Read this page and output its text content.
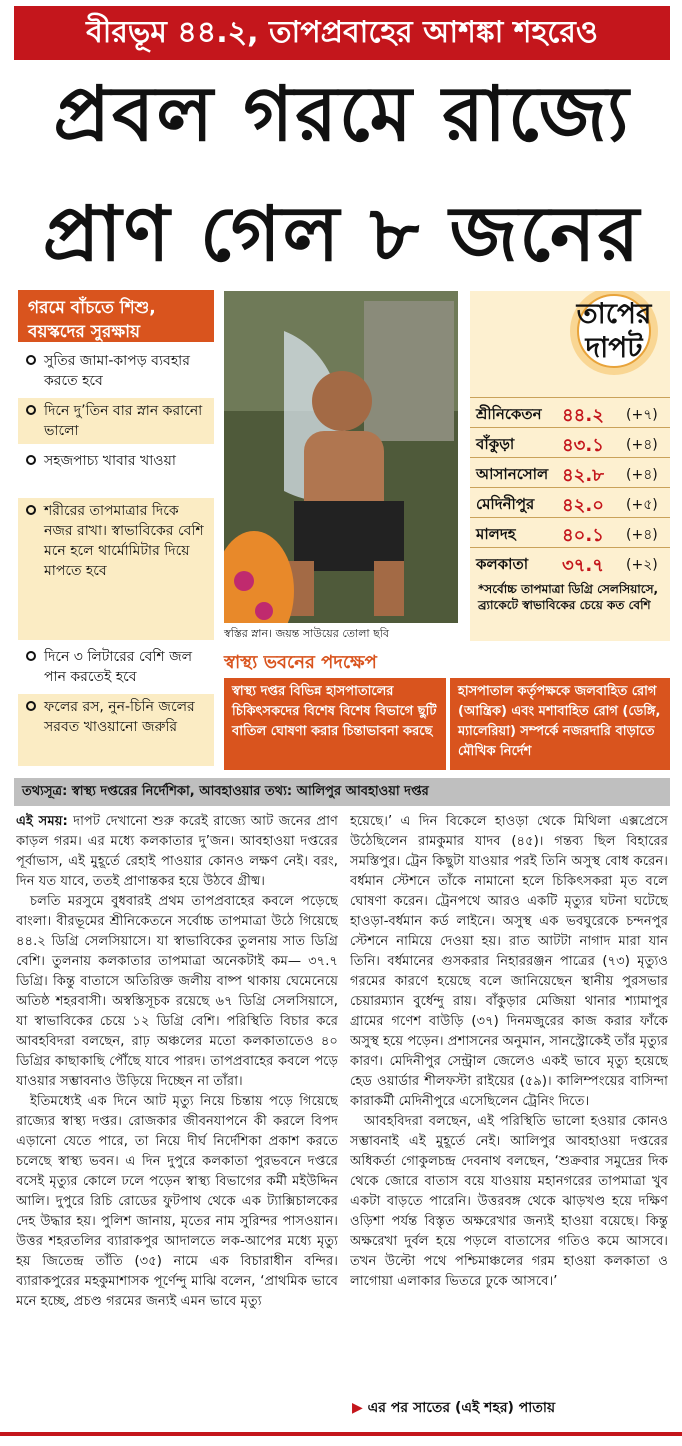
বীরভূম ৪৪.২, তাপপ্রবাহের আশঙ্কা শহরেও
প্রবল গরমে রাজ্যে
প্রাণ গেল ৮ জনের
গরমে বাঁচতে শিশু, বয়স্কদের সুরক্ষায়
সুতির জামা-কাপড় ব্যবহার করতে হবে
দিনে দু’তিন বার স্নান করানো ভালো
সহজপাচ্য খাবার খাওয়া
শরীরের তাপমাত্রার দিকে নজর রাখা। স্বাভাবিকের বেশি মনে হলে থার্মোমিটার দিয়ে মাপতে হবে
দিনে ৩ লিটারের বেশি জল পান করতেই হবে
ফলের রস, নুন-চিনি জলের সরবত খাওয়ানো জরুরি
স্বস্তির স্নান। জয়ন্ত সাউয়ের তোলা ছবি
তাপের দাপট
শ্রীনিকেতন ৪৪.২ (+৭)
বাঁকুড়া	৪৩.১ (+৪)
আসানসোল ৪২.৮ (+৪)
মেদিনীপুর ৪২.০ (+৫)
মালদহ	৪০.১ (+৪)
কলকাতা ৩৭.৭ (+২)
*সর্বোচ্চ তাপমাত্রা ডিগ্রি সেলসিয়াসে, ব্র্যাকেটে স্বাভাবিকের চেয়ে কত বেশি
স্বাস্থ্য ভবনের পদক্ষেপ
স্বাস্থ্য দপ্তর বিভিন্ন হাসপাতালের চিকিৎসকদের বিশেষ বিশেষ বিভাগে ছুটি বাতিল ঘোষণা করার চিন্তাভাবনা করছে
হাসপাতাল কর্তৃপক্ষকে জলবাহিত রোগ (আন্ত্রিক) এবং মশাবাহিত রোগ (ডেঙ্গি, ম্যালেরিয়া) সম্পর্কে নজরদারি বাড়াতে মৌখিক নির্দেশ
তথ্যসূত্র: স্বাস্থ্য দপ্তরের নির্দেশিকা, আবহাওয়ার তথ্য: আলিপুর আবহাওয়া দপ্তর

এই সময়: দাপট দেখানো শুরু করেই রাজ্যে আট জনের প্রাণ কাড়ল গরম। এর মধ্যে কলকাতার দু’জন। আবহাওয়া দপ্তরের পূর্বাভাস, এই মুহূর্তে রেহাই পাওয়ার কোনও লক্ষণ নেই। বরং, দিন যত যাবে, ততই প্রাণান্তকর হয়ে উঠবে গ্রীষ্ম।

চলতি মরসুমে বুধবারই প্রথম তাপপ্রবাহের কবলে পড়েছে বাংলা। বীরভূমের শ্রীনিকেতনে সর্বোচ্চ তাপমাত্রা উঠে গিয়েছে ৪৪.২ ডিগ্রি সেলসিয়াসে। যা স্বাভাবিকের তুলনায় সাত ডিগ্রি বেশি। তুলনায় কলকাতার তাপমাত্রা অনেকটাই কম— ৩৭.৭ ডিগ্রি। কিন্তু বাতাসে অতিরিক্ত জলীয় বাষ্প থাকায় ঘেমেনেয়ে অতিষ্ঠ শহরবাসী। অস্বস্তিসূচক রয়েছে ৬৭ ডিগ্রি সেলসিয়াসে, যা স্বাভাবিকের চেয়ে ১২ ডিগ্রি বেশি। পরিস্থিতি বিচার করে আবহবিদরা বলছেন, রাঢ় অঞ্চলের মতো কলকাতাতেও ৪০ ডিগ্রির কাছাকাছি পৌঁছে যাবে পারদ। তাপপ্রবাহের কবলে পড়ে যাওয়ার সম্ভাবনাও উড়িয়ে দিচ্ছেন না তাঁরা।

ইতিমধ্যেই এক দিনে আট মৃত্যু নিয়ে চিন্তায় পড়ে গিয়েছে রাজ্যের স্বাস্থ্য দপ্তর। রোজকার জীবনযাপনে কী করলে বিপদ এড়ানো যেতে পারে, তা নিয়ে দীর্ঘ নির্দেশিকা প্রকাশ করতে চলেছে স্বাস্থ্য ভবন। এ দিন দুপুরে কলকাতা পুরভবনে দপ্তরে বসেই মৃত্যুর কোলে ঢলে পড়েন স্বাস্থ্য বিভাগের কর্মী মইউদ্দিন আলি। দুপুরে রিচি রোডের ফুটপাথ থেকে এক ট্যাক্সিচালকের দেহ উদ্ধার হয়। পুলিশ জানায়, মৃতের নাম সুরিন্দর পাসওয়ান। উত্তর শহরতলির ব্যারাকপুর আদালতে লক-আপের মধ্যে মৃত্যু হয় জিতেন্দ্র তাঁতি (৩৫) নামে এক বিচারাধীন বন্দির। ব্যারাকপুরের মহকুমাশাসক পূর্ণেন্দু মাঝি বলেন, ‘প্রাথমিক ভাবে মনে হচ্ছে, প্রচণ্ড গরমের জন্যই এমন ভাবে মৃত্যু

হয়েছে।’ এ দিন বিকেলে হাওড়া থেকে মিথিলা এক্সপ্রেসে উঠেছিলেন রামকুমার যাদব (৪৫)। গন্তব্য ছিল বিহারের সমস্তিপুর। ট্রেন কিছুটা যাওয়ার পরই তিনি অসুস্থ বোধ করেন। বর্ধমান স্টেশনে তাঁকে নামানো হলে চিকিৎসকরা মৃত বলে ঘোষণা করেন। ট্রেনপথে আরও একটি মৃত্যুর ঘটনা ঘটেছে হাওড়া-বর্ধমান কর্ড লাইনে। অসুস্থ এক ভবঘুরেকে চন্দনপুর স্টেশনে নামিয়ে দেওয়া হয়। রাত আটটা নাগাদ মারা যান তিনি। বর্ধমানের গুসকরার নিহাররঞ্জন পাত্রের (৭৩) মৃত্যুও গরমের কারণে হয়েছে বলে জানিয়েছেন স্থানীয় পুরসভার চেয়ারম্যান বুর্ধেন্দু রায়। বাঁকুড়ার মেজিয়া থানার শ্যামাপুর গ্রামের গণেশ বাউড়ি (৩৭) দিনমজুরের কাজ করার ফাঁকে অসুস্থ হয়ে পড়েন। প্রশাসনের অনুমান, সানস্ট্রোকেই তাঁর মৃত্যুর কারণ। মেদিনীপুর সেন্ট্রাল জেলেও একই ভাবে মৃত্যু হয়েছে হেড ওয়ার্ডার শীলফস্টা রাইয়ের (৫৯)। কালিম্পংয়ের বাসিন্দা কারাকর্মী মেদিনীপুরে এসেছিলেন ট্রেনিং দিতে।

আবহবিদরা বলছেন, এই পরিস্থিতি ভালো হওয়ার কোনও সম্ভাবনাই এই মুহূর্তে নেই। আলিপুর আবহাওয়া দপ্তরের অধিকর্তা গোকুলচন্দ্র দেবনাথ বলছেন, ‘শুক্রবার সমুদ্রের দিক থেকে জোরে বাতাস বয়ে যাওয়ায় মহানগরের তাপমাত্রা খুব একটা বাড়তে পারেনি। উত্তরবঙ্গ থেকে ঝাড়খণ্ড হয়ে দক্ষিণ ওড়িশা পর্যন্ত বিস্তৃত অক্ষরেখার জন্যই হাওয়া বয়েছে। কিন্তু অক্ষরেখা দুর্বল হয়ে পড়লে বাতাসের গতিও কমে আসবে। তখন উল্টো পথে পশ্চিমাঞ্চলের গরম হাওয়া কলকাতা ও লাগোয়া এলাকার ভিতরে ঢুকে আসবে।’

▶ এর পর সাতের (এই শহর) পাতায়
